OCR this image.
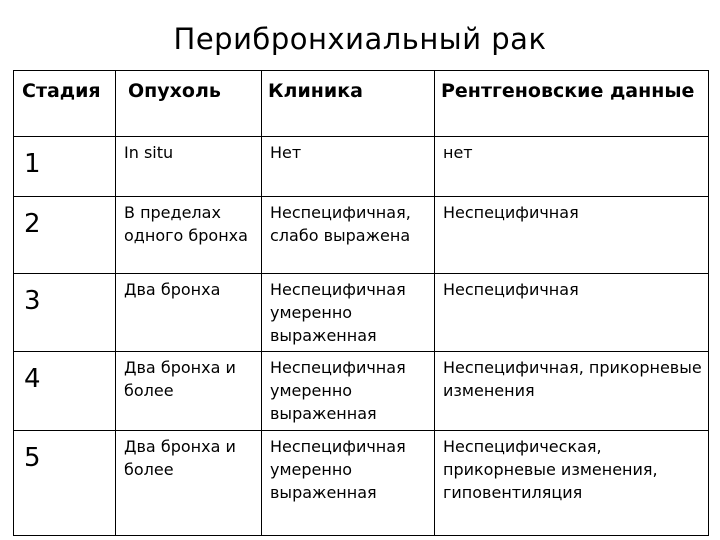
Перибронхиальный рак
Стадия	Опухоль	Клиника	Рентгеновские данные
1	In situ	Нет	нет
2	В пределах одного бронха	Неспецифичная, слабо выражена	Неспецифичная
3	Два бронха	Неспецифичная умеренно выраженная	Неспецифичная
4	Два бронха и более	Неспецифичная умеренно выраженная	Неспецифичная, прикорневые изменения
5	Два бронха и более	Неспецифичная умеренно выраженная	Неспецифическая, прикорневые изменения, гиповентиляция
